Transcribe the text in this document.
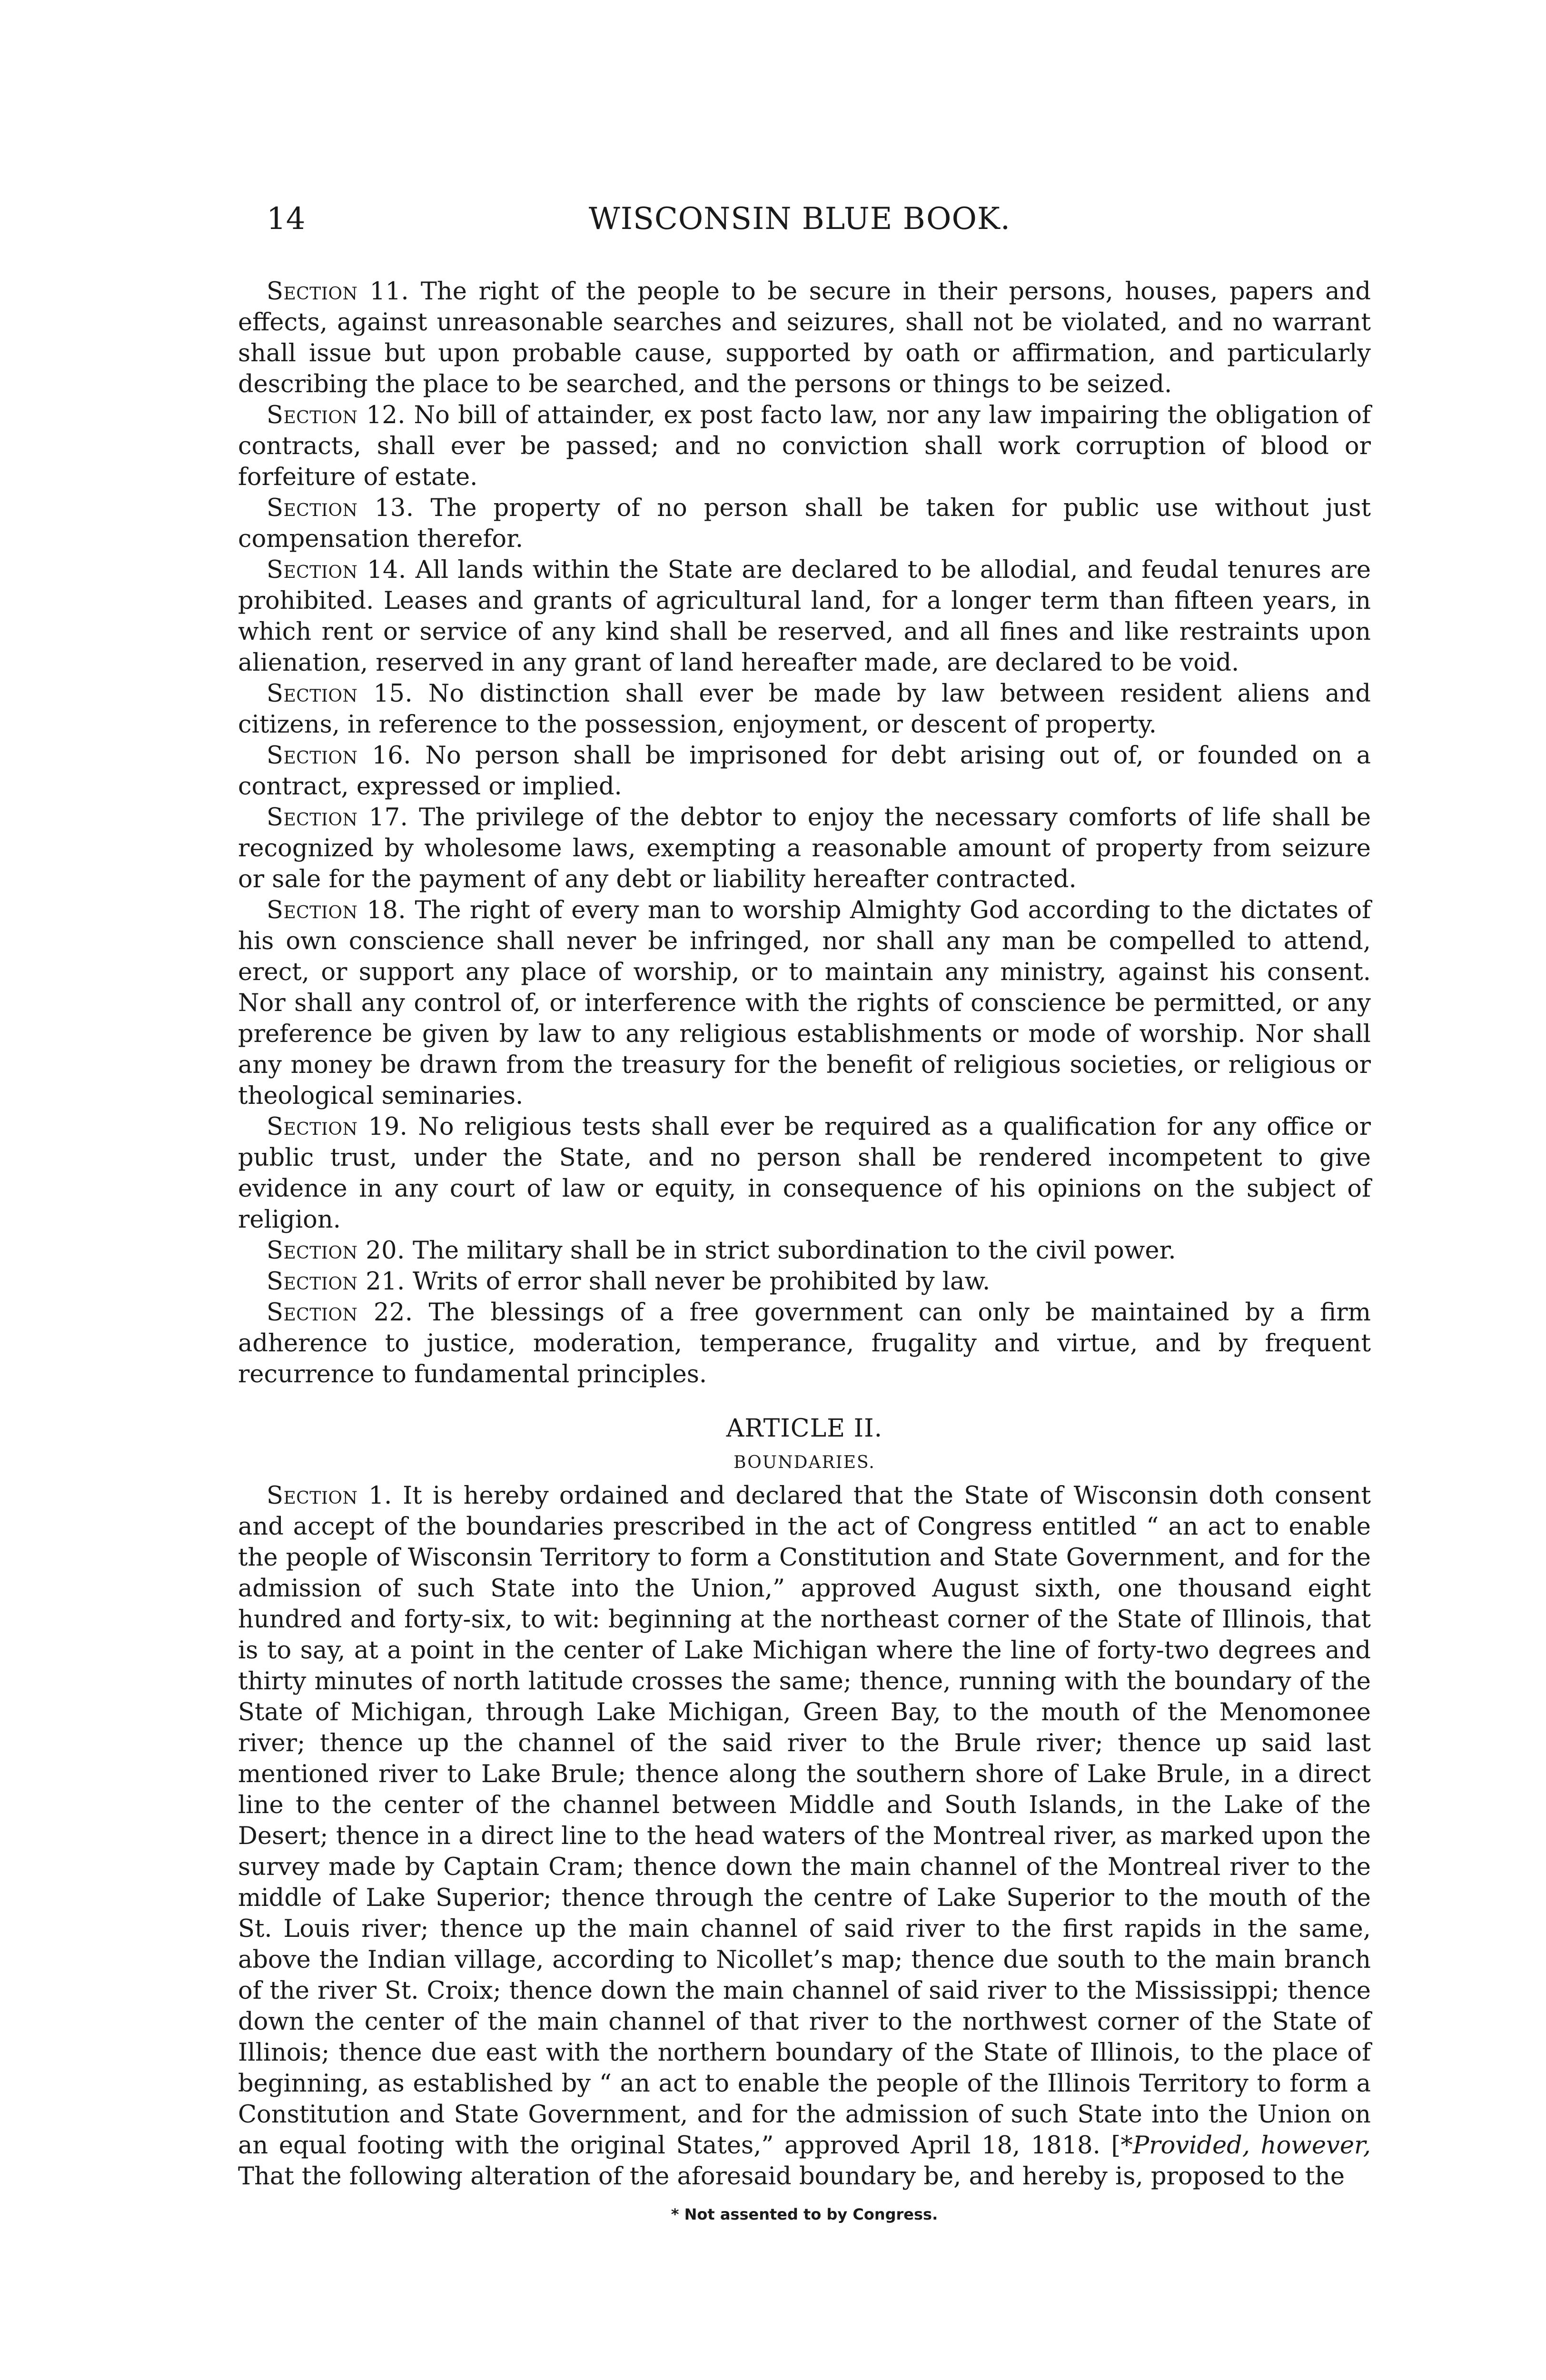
14	WISCONSIN BLUE BOOK.

Section 11. The right of the people to be secure in their persons, houses, papers and effects, against unreasonable searches and seizures, shall not be violated, and no warrant shall issue but upon probable cause, supported by oath or affirmation, and particularly describing the place to be searched, and the persons or things to be seized.

Section 12. No bill of attainder, ex post facto law, nor any law impairing the obligation of contracts, shall ever be passed; and no conviction shall work corruption of blood or forfeiture of estate.

Section 13. The property of no person shall be taken for public use without just compensation therefor.

Section 14. All lands within the State are declared to be allodial, and feudal tenures are prohibited. Leases and grants of agricultural land, for a longer term than fifteen years, in which rent or service of any kind shall be reserved, and all fines and like restraints upon alienation, reserved in any grant of land hereafter made, are declared to be void.

Section 15. No distinction shall ever be made by law between resident aliens and citizens, in reference to the possession, enjoyment, or descent of property.

Section 16. No person shall be imprisoned for debt arising out of, or founded on a contract, expressed or implied.

Section 17. The privilege of the debtor to enjoy the necessary comforts of life shall be recognized by wholesome laws, exempting a reasonable amount of property from seizure or sale for the payment of any debt or liability hereafter contracted.

Section 18. The right of every man to worship Almighty God according to the dictates of his own conscience shall never be infringed, nor shall any man be compelled to attend, erect, or support any place of worship, or to maintain any ministry, against his consent. Nor shall any control of, or interference with the rights of conscience be permitted, or any preference be given by law to any religious establishments or mode of worship. Nor shall any money be drawn from the treasury for the benefit of religious societies, or religious or theological seminaries.

Section 19. No religious tests shall ever be required as a qualification for any office or public trust, under the State, and no person shall be rendered incompetent to give evidence in any court of law or equity, in consequence of his opinions on the subject of religion.

Section 20. The military shall be in strict subordination to the civil power.

Section 21. Writs of error shall never be prohibited by law.

Section 22. The blessings of a free government can only be maintained by a firm adherence to justice, moderation, temperance, frugality and virtue, and by frequent recurrence to fundamental principles.

ARTICLE II.
BOUNDARIES.

Section 1. It is hereby ordained and declared that the State of Wisconsin doth consent and accept of the boundaries prescribed in the act of Congress entitled “ an act to enable the people of Wisconsin Territory to form a Constitution and State Government, and for the admission of such State into the Union,” approved August sixth, one thousand eight hundred and forty-six, to wit: beginning at the northeast corner of the State of Illinois, that is to say, at a point in the center of Lake Michigan where the line of forty-two degrees and thirty minutes of north latitude crosses the same; thence, running with the boundary of the State of Michigan, through Lake Michigan, Green Bay, to the mouth of the Menomonee river; thence up the channel of the said river to the Brule river; thence up said last mentioned river to Lake Brule; thence along the southern shore of Lake Brule, in a direct line to the center of the channel between Middle and South Islands, in the Lake of the Desert; thence in a direct line to the head waters of the Montreal river, as marked upon the survey made by Captain Cram; thence down the main channel of the Montreal river to the middle of Lake Superior; thence through the centre of Lake Superior to the mouth of the St. Louis river; thence up the main channel of said river to the first rapids in the same, above the Indian village, according to Nicollet’s map; thence due south to the main branch of the river St. Croix; thence down the main channel of said river to the Mississippi; thence down the center of the main channel of that river to the northwest corner of the State of Illinois; thence due east with the northern boundary of the State of Illinois, to the place of beginning, as established by “ an act to enable the people of the Illinois Territory to form a Constitution and State Government, and for the admission of such State into the Union on an equal footing with the original States,” approved April 18, 1818. [*Provided, however, That the following alteration of the aforesaid boundary be, and hereby is, proposed to the

* Not assented to by Congress.
